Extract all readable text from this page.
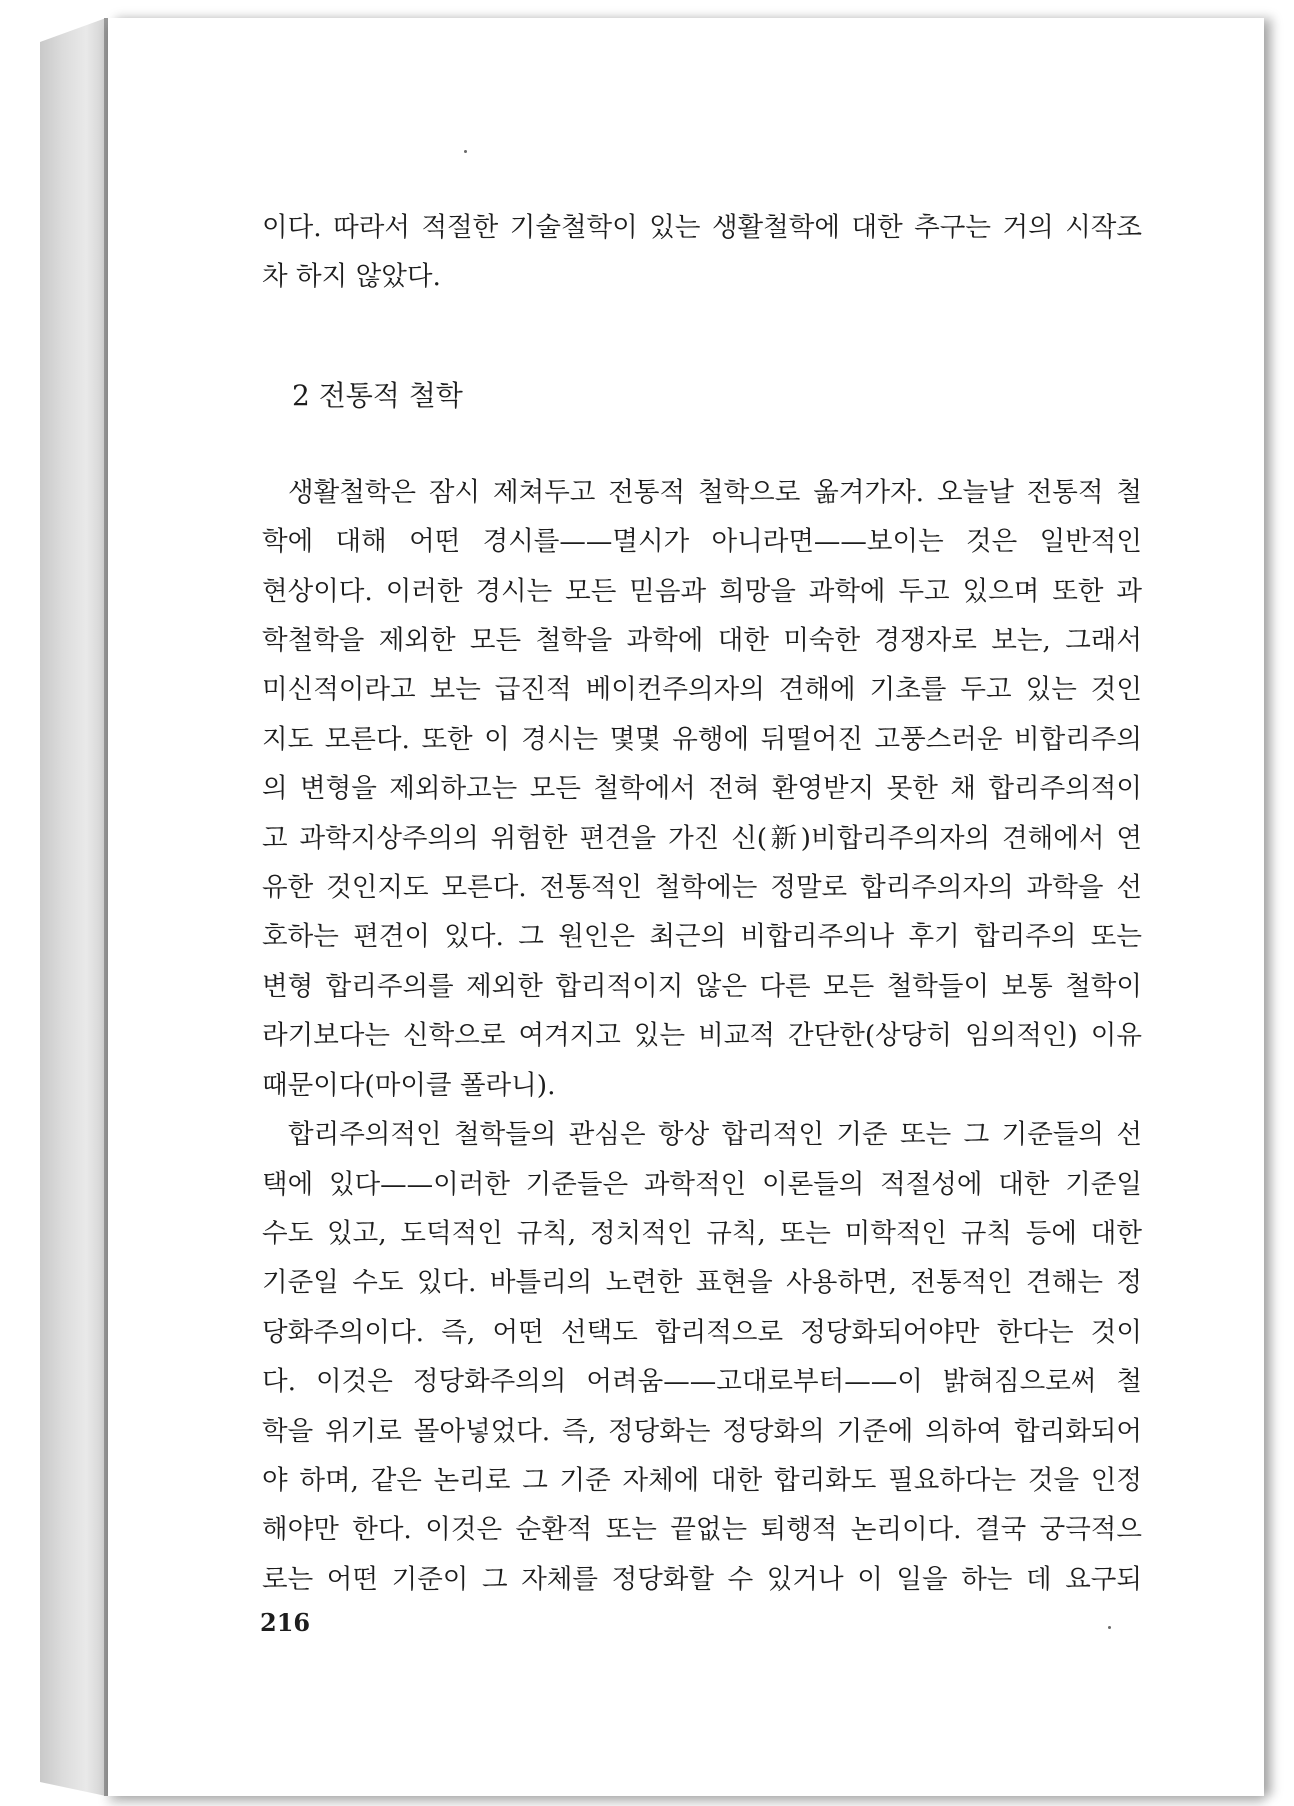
이다. 따라서 적절한 기술철학이 있는 생활철학에 대한 추구는 거의 시작조
차 하지 않았다.
2 전통적 철학
생활철학은 잠시 제쳐두고 전통적 철학으로 옮겨가자. 오늘날 전통적 철
학에 대해 어떤 경시를——멸시가 아니라면——보이는 것은 일반적인
현상이다. 이러한 경시는 모든 믿음과 희망을 과학에 두고 있으며 또한 과
학철학을 제외한 모든 철학을 과학에 대한 미숙한 경쟁자로 보는, 그래서
미신적이라고 보는 급진적 베이컨주의자의 견해에 기초를 두고 있는 것인
지도 모른다. 또한 이 경시는 몇몇 유행에 뒤떨어진 고풍스러운 비합리주의
의 변형을 제외하고는 모든 철학에서 전혀 환영받지 못한 채 합리주의적이
고 과학지상주의의 위험한 편견을 가진 신(新)비합리주의자의 견해에서 연
유한 것인지도 모른다. 전통적인 철학에는 정말로 합리주의자의 과학을 선
호하는 편견이 있다. 그 원인은 최근의 비합리주의나 후기 합리주의 또는
변형 합리주의를 제외한 합리적이지 않은 다른 모든 철학들이 보통 철학이
라기보다는 신학으로 여겨지고 있는 비교적 간단한(상당히 임의적인) 이유
때문이다(마이클 폴라니).
합리주의적인 철학들의 관심은 항상 합리적인 기준 또는 그 기준들의 선
택에 있다——이러한 기준들은 과학적인 이론들의 적절성에 대한 기준일
수도 있고, 도덕적인 규칙, 정치적인 규칙, 또는 미학적인 규칙 등에 대한
기준일 수도 있다. 바틀리의 노련한 표현을 사용하면, 전통적인 견해는 정
당화주의이다. 즉, 어떤 선택도 합리적으로 정당화되어야만 한다는 것이
다. 이것은 정당화주의의 어려움——고대로부터——이 밝혀짐으로써 철
학을 위기로 몰아넣었다. 즉, 정당화는 정당화의 기준에 의하여 합리화되어
야 하며, 같은 논리로 그 기준 자체에 대한 합리화도 필요하다는 것을 인정
해야만 한다. 이것은 순환적 또는 끝없는 퇴행적 논리이다. 결국 궁극적으
로는 어떤 기준이 그 자체를 정당화할 수 있거나 이 일을 하는 데 요구되
216
